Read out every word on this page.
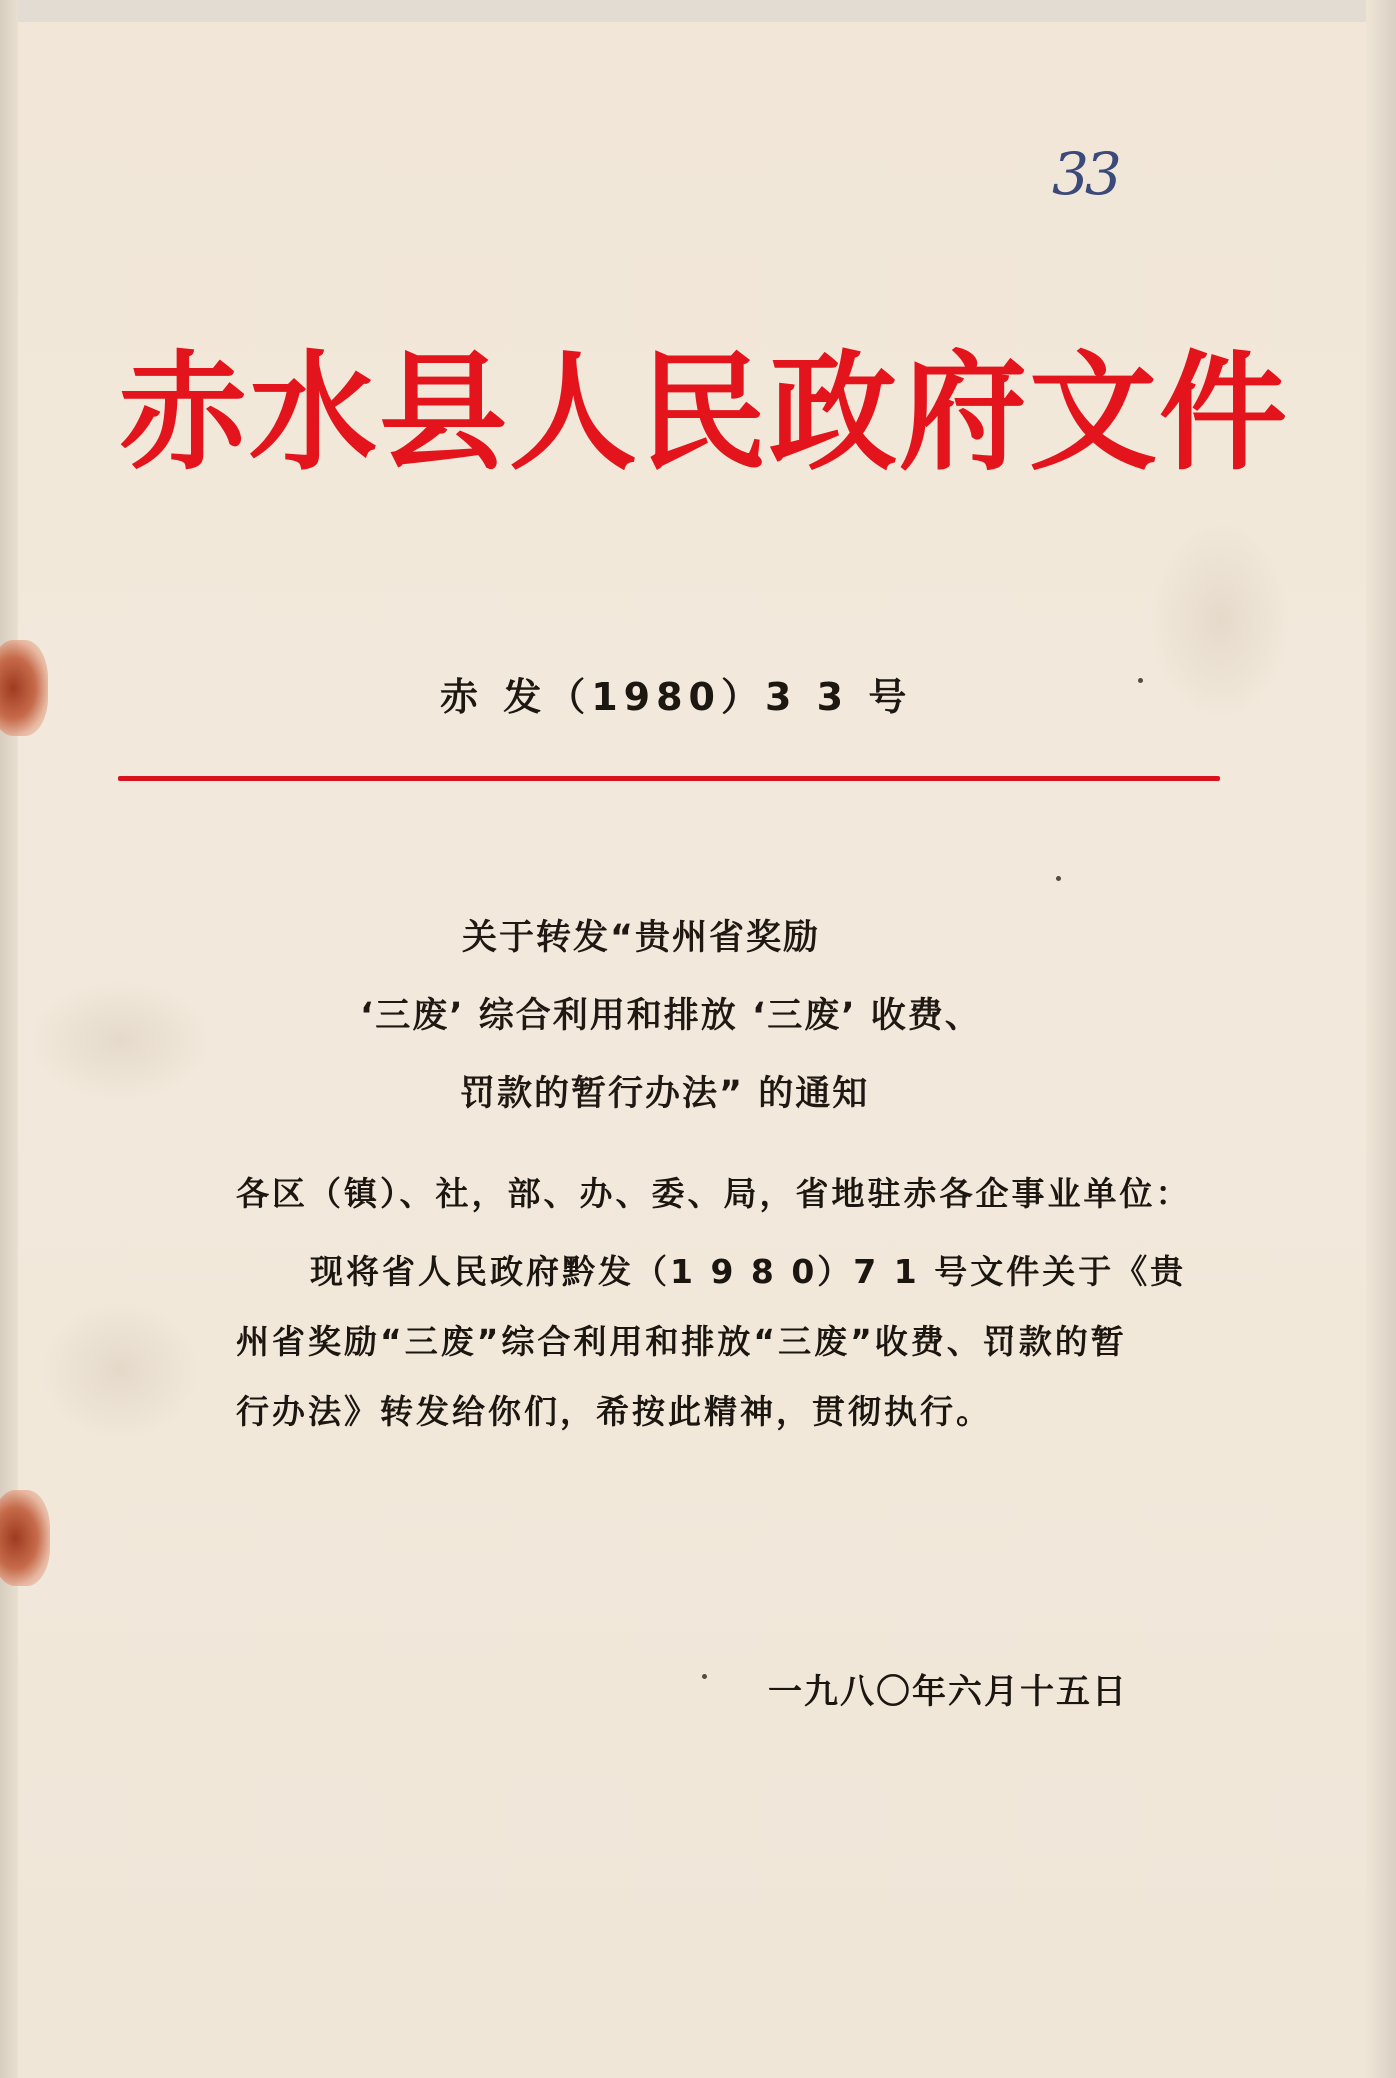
33
赤水县人民政府文件
赤 发（1980）3 3 号
关于转发“贵州省奖励
‘三废’ 综合利用和排放 ‘三废’ 收费、
罚款的暂行办法” 的通知
各区（镇）、社，部、办、委、局，省地驻赤各企事业单位：
现将省人民政府黔发（1 9 8 0）7 1 号文件关于《贵
州省奖励“三废”综合利用和排放“三废”收费、罚款的暂
行办法》转发给你们，希按此精神，贯彻执行。
一九八〇年六月十五日
